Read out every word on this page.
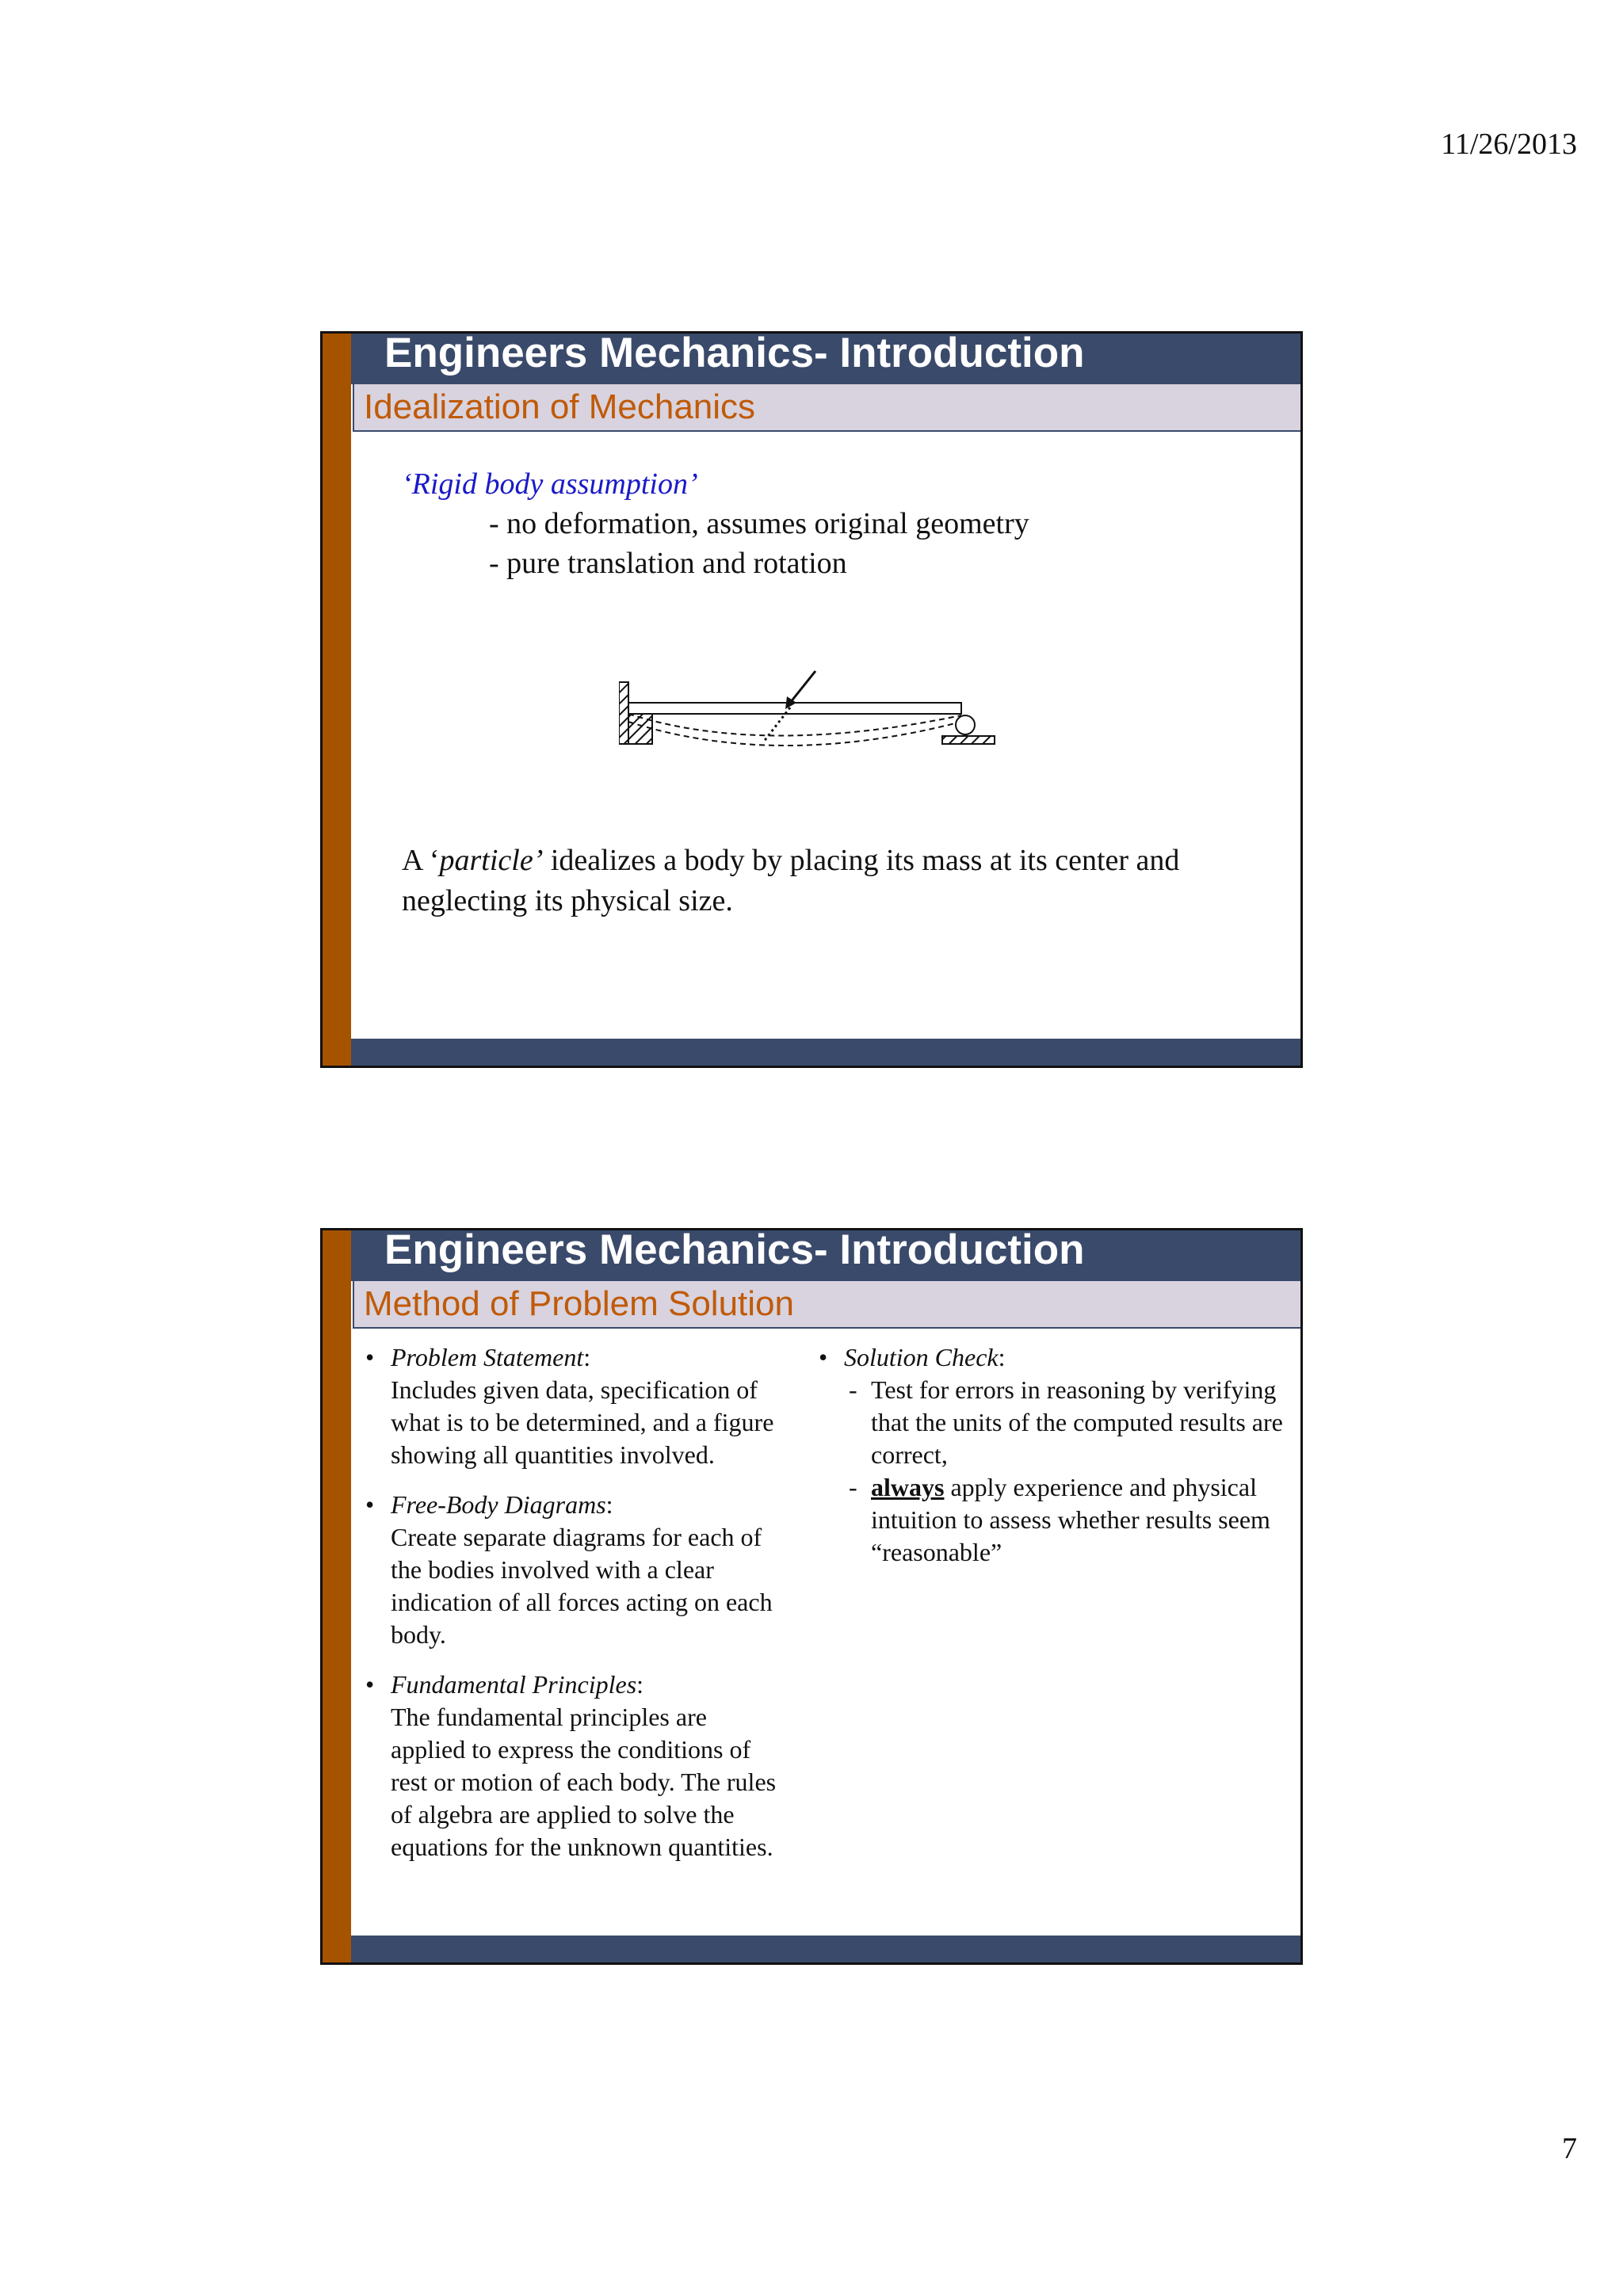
11/26/2013
Engineers Mechanics- Introduction
Idealization of Mechanics
‘Rigid body assumption’
- no deformation, assumes original geometry
- pure translation and rotation
A ‘particle’ idealizes a body by placing its mass at its center and neglecting its physical size.
Engineers Mechanics- Introduction
Method of Problem Solution
• Problem Statement:
Includes given data, specification of what is to be determined, and a figure showing all quantities involved.
• Free-Body Diagrams:
Create separate diagrams for each of the bodies involved with a clear indication of all forces acting on each body.
• Fundamental Principles:
The fundamental principles are applied to express the conditions of rest or motion of each body. The rules of algebra are applied to solve the equations for the unknown quantities.
• Solution Check:
- Test for errors in reasoning by verifying that the units of the computed results are correct,
- always apply experience and physical intuition to assess whether results seem “reasonable”
7
